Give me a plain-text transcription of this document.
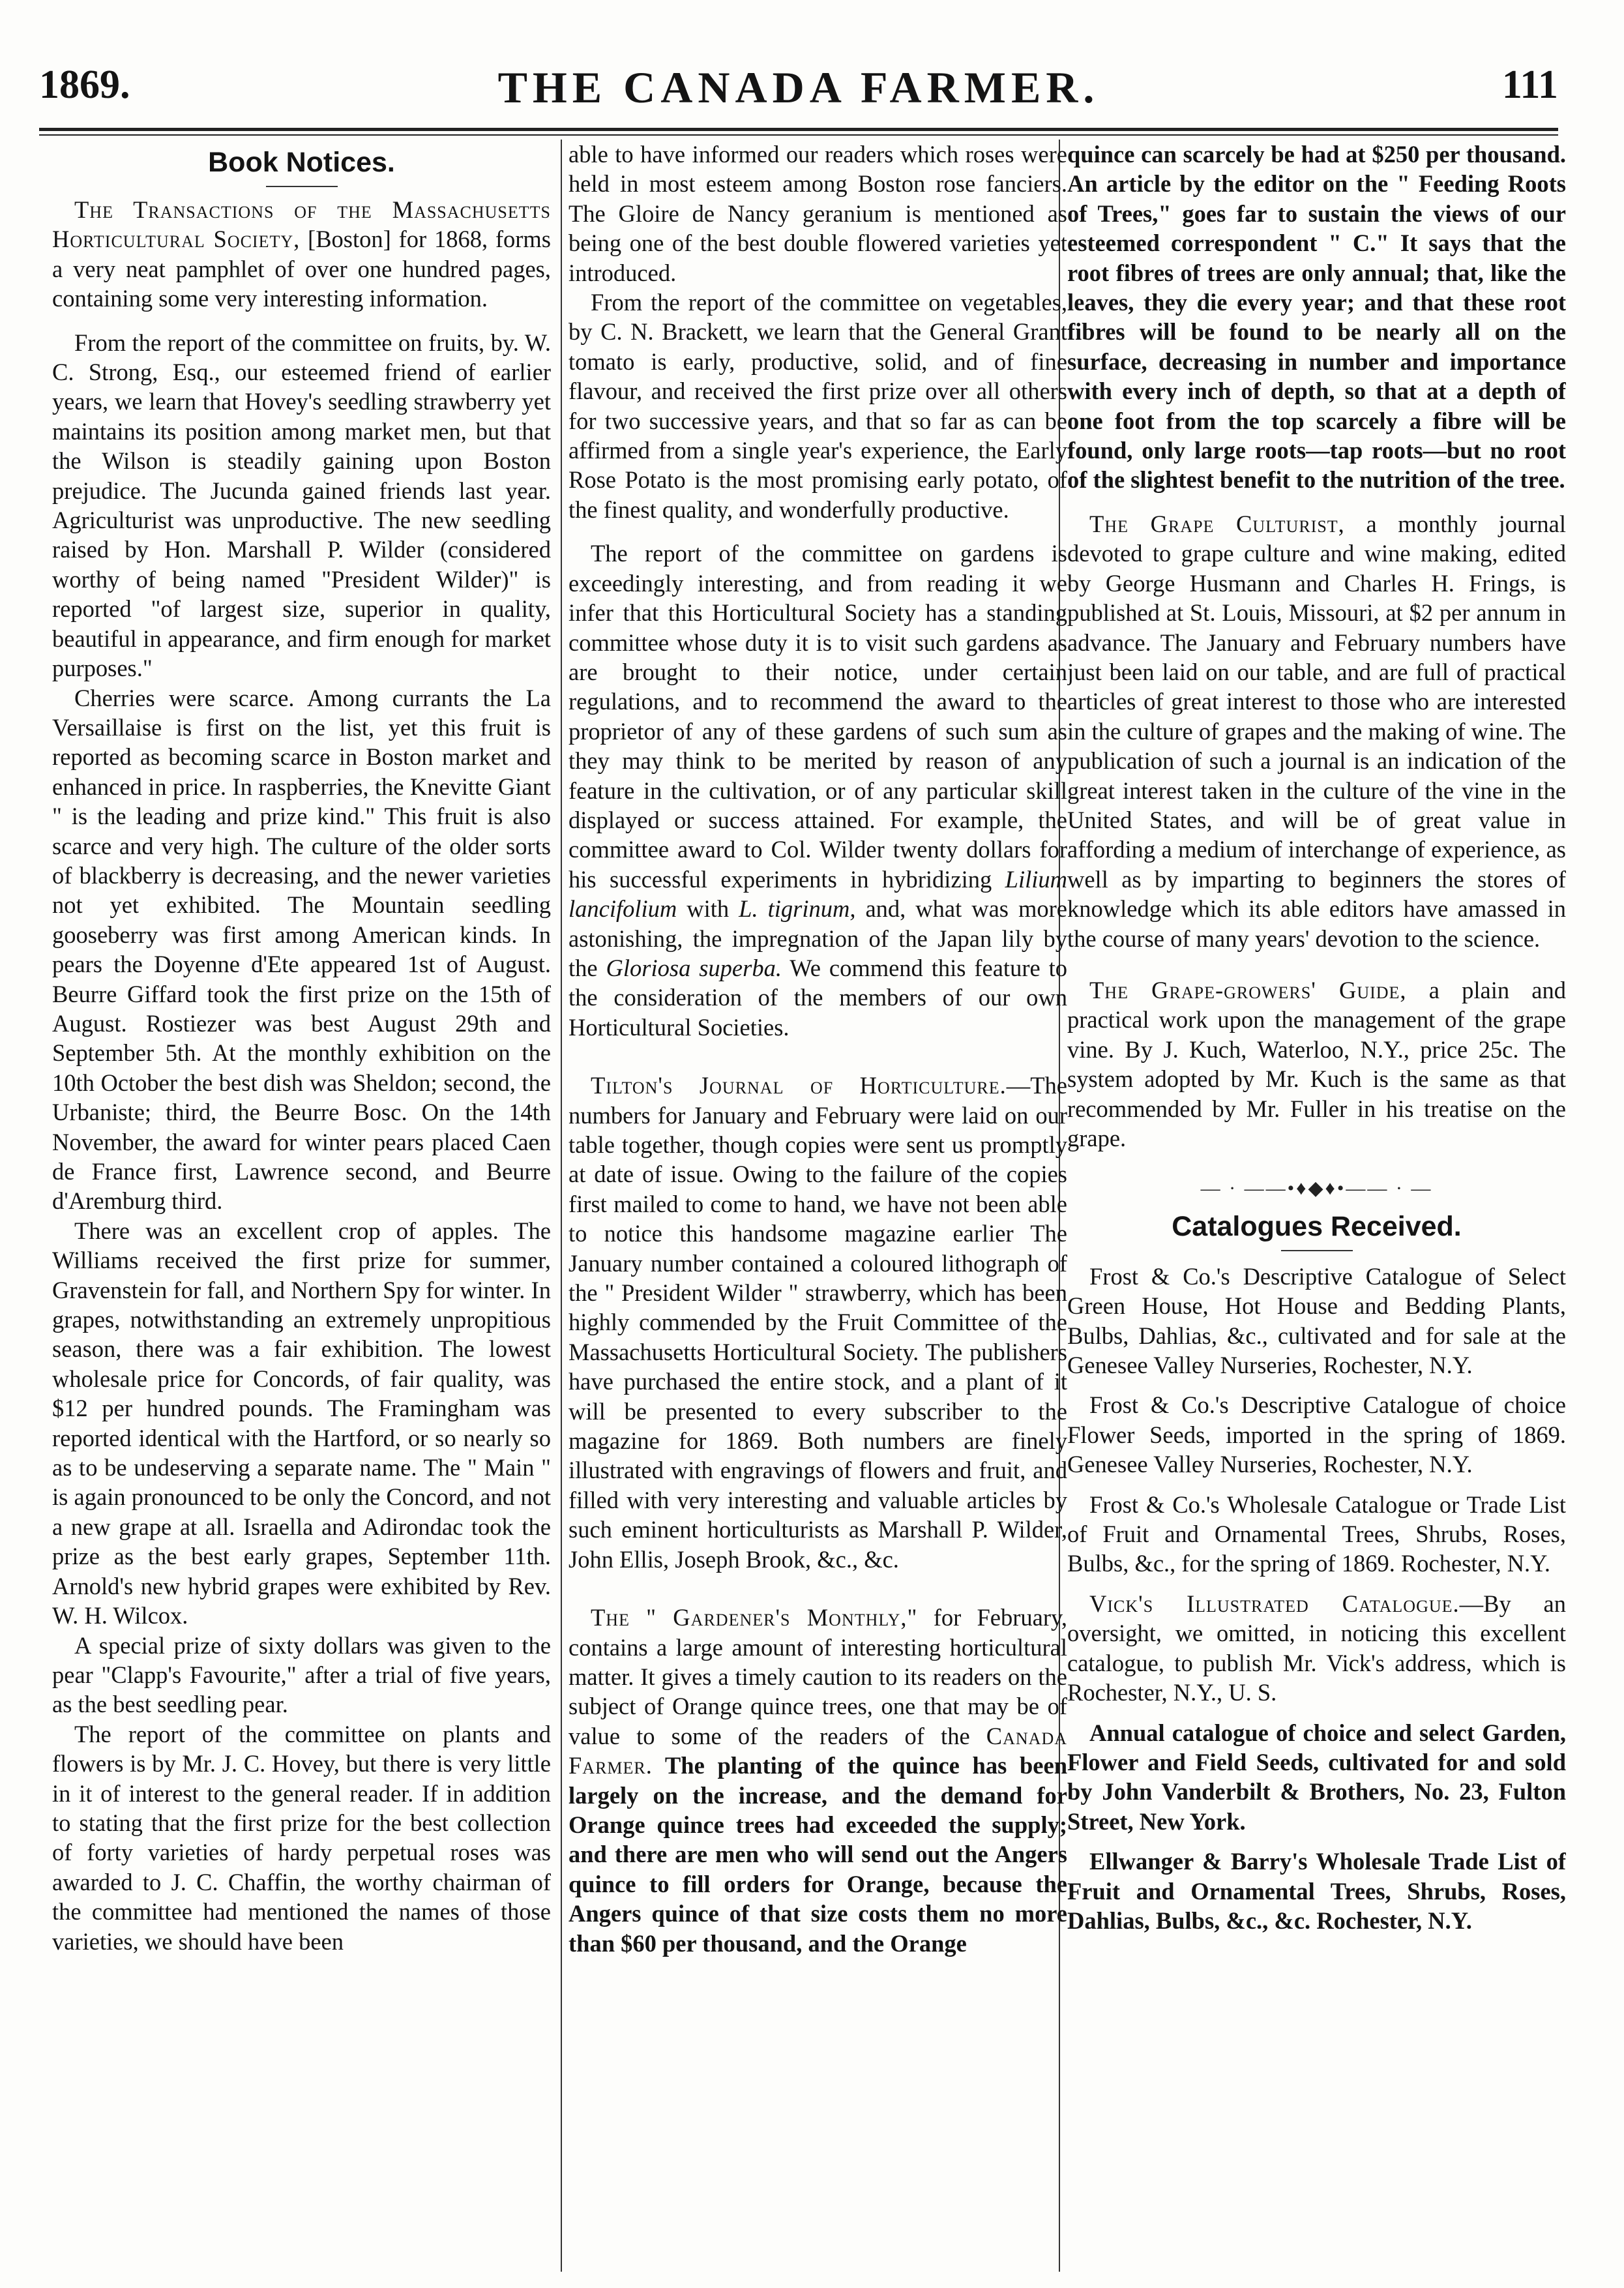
1869.	THE CANADA FARMER.	111
Book Notices.

The Transactions of the Massachusetts Horticultural Society, [Boston] for 1868, forms a very neat pamphlet of over one hundred pages, containing some very interesting information.

From the report of the committee on fruits, by. W. C. Strong, Esq., our esteemed friend of earlier years, we learn that Hovey's seedling strawberry yet maintains its position among market men, but that the Wilson is steadily gaining upon Boston prejudice. The Jucunda gained friends last year. Agriculturist was unproductive. The new seedling raised by Hon. Marshall P. Wilder (considered worthy of being named "President Wilder)" is reported "of largest size, superior in quality, beautiful in appearance, and firm enough for market purposes."

Cherries were scarce. Among currants the La Versaillaise is first on the list, yet this fruit is reported as becoming scarce in Boston market and enhanced in price. In raspberries, the Knevitte Giant " is the leading and prize kind." This fruit is also scarce and very high. The culture of the older sorts of blackberry is decreasing, and the newer varieties not yet exhibited. The Mountain seedling gooseberry was first among American kinds. In pears the Doyenne d'Ete appeared 1st of August. Beurre Giffard took the first prize on the 15th of August. Rostiezer was best August 29th and September 5th. At the monthly exhibition on the 10th October the best dish was Sheldon; second, the Urbaniste; third, the Beurre Bosc. On the 14th November, the award for winter pears placed Caen de France first, Lawrence second, and Beurre d'Aremburg third.

There was an excellent crop of apples. The Williams received the first prize for summer, Gravenstein for fall, and Northern Spy for winter. In grapes, notwithstanding an extremely unpropitious season, there was a fair exhibition. The lowest wholesale price for Concords, of fair quality, was $12 per hundred pounds. The Framingham was reported identical with the Hartford, or so nearly so as to be undeserving a separate name. The " Main " is again pronounced to be only the Concord, and not a new grape at all. Israella and Adirondac took the prize as the best early grapes, September 11th. Arnold's new hybrid grapes were exhibited by Rev. W. H. Wilcox.

A special prize of sixty dollars was given to the pear "Clapp's Favourite," after a trial of five years, as the best seedling pear.

The report of the committee on plants and flowers is by Mr. J. C. Hovey, but there is very little in it of interest to the general reader. If in addition to stating that the first prize for the best collection of forty varieties of hardy perpetual roses was awarded to J. C. Chaffin, the worthy chairman of the committee had mentioned the names of those varieties, we should have been

able to have informed our readers which roses were held in most esteem among Boston rose fanciers. The Gloire de Nancy geranium is mentioned as being one of the best double flowered varieties yet introduced.

From the report of the committee on vegetables, by C. N. Brackett, we learn that the General Grant tomato is early, productive, solid, and of fine flavour, and received the first prize over all others for two successive years, and that so far as can be affirmed from a single year's experience, the Early Rose Potato is the most promising early potato, of the finest quality, and wonderfully productive.

The report of the committee on gardens is exceedingly interesting, and from reading it we infer that this Horticultural Society has a standing committee whose duty it is to visit such gardens as are brought to their notice, under certain regulations, and to recommend the award to the proprietor of any of these gardens of such sum as they may think to be merited by reason of any feature in the cultivation, or of any particular skill displayed or success attained. For example, the committee award to Col. Wilder twenty dollars for his successful experiments in hybridizing Lilium lancifolium with L. tigrinum, and, what was more astonishing, the impregnation of the Japan lily by the Gloriosa superba. We commend this feature to the consideration of the members of our own Horticultural Societies.

Tilton's Journal of Horticulture.—The numbers for January and February were laid on our table together, though copies were sent us promptly at date of issue. Owing to the failure of the copies first mailed to come to hand, we have not been able to notice this handsome magazine earlier The January number contained a coloured lithograph of the " President Wilder " strawberry, which has been highly commended by the Fruit Committee of the Massachusetts Horticultural Society. The publishers have purchased the entire stock, and a plant of it will be presented to every subscriber to the magazine for 1869. Both numbers are finely illustrated with engravings of flowers and fruit, and filled with very interesting and valuable articles by such eminent horticulturists as Marshall P. Wilder, John Ellis, Joseph Brook, &c., &c.

The " Gardener's Monthly," for February, contains a large amount of interesting horticultural matter. It gives a timely caution to its readers on the subject of Orange quince trees, one that may be of value to some of the readers of the Canada Farmer. The planting of the quince has been largely on the increase, and the demand for Orange quince trees had exceeded the supply; and there are men who will send out the Angers quince to fill orders for Orange, because the Angers quince of that size costs them no more than $60 per thousand, and the Orange

quince can scarcely be had at $250 per thousand. An article by the editor on the " Feeding Roots of Trees," goes far to sustain the views of our esteemed correspondent " C." It says that the root fibres of trees are only annual; that, like the leaves, they die every year; and that these root fibres will be found to be nearly all on the surface, decreasing in number and importance with every inch of depth, so that at a depth of one foot from the top scarcely a fibre will be found, only large roots—tap roots—but no root of the slightest benefit to the nutrition of the tree.

The Grape Culturist, a monthly journal devoted to grape culture and wine making, edited by George Husmann and Charles H. Frings, is published at St. Louis, Missouri, at $2 per annum in advance. The January and February numbers have just been laid on our table, and are full of practical articles of great interest to those who are interested in the culture of grapes and the making of wine. The publication of such a journal is an indication of the great interest taken in the culture of the vine in the United States, and will be of great value in affording a medium of interchange of experience, as well as by imparting to beginners the stores of knowledge which its able editors have amassed in the course of many years' devotion to the science.

The Grape-growers' Guide, a plain and practical work upon the management of the grape vine. By J. Kuch, Waterloo, N.Y., price 25c. The system adopted by Mr. Kuch is the same as that recommended by Mr. Fuller in his treatise on the grape.

— · ——•♦◆♦•—— · —
Catalogues Received.

Frost & Co.'s Descriptive Catalogue of Select Green House, Hot House and Bedding Plants, Bulbs, Dahlias, &c., cultivated and for sale at the Genesee Valley Nurseries, Rochester, N.Y.

Frost & Co.'s Descriptive Catalogue of choice Flower Seeds, imported in the spring of 1869. Genesee Valley Nurseries, Rochester, N.Y.

Frost & Co.'s Wholesale Catalogue or Trade List of Fruit and Ornamental Trees, Shrubs, Roses, Bulbs, &c., for the spring of 1869. Rochester, N.Y.

Vick's Illustrated Catalogue.—By an oversight, we omitted, in noticing this excellent catalogue, to publish Mr. Vick's address, which is Rochester, N.Y., U. S.

Annual catalogue of choice and select Garden, Flower and Field Seeds, cultivated for and sold by John Vanderbilt & Brothers, No. 23, Fulton Street, New York.

Ellwanger & Barry's Wholesale Trade List of Fruit and Ornamental Trees, Shrubs, Roses, Dahlias, Bulbs, &c., &c. Rochester, N.Y.
